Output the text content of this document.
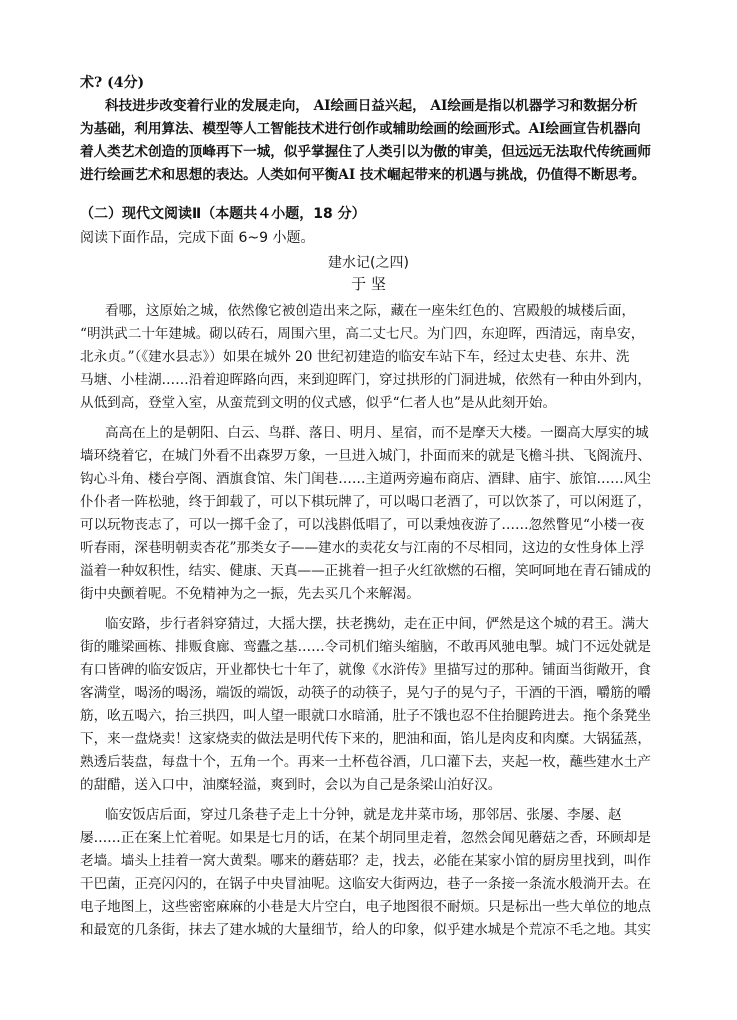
术? (4分)
科技进步改变着行业的发展走向， AI绘画日益兴起， AI绘画是指以机器学习和数据分析
为基础，利用算法、模型等人工智能技术进行创作或辅助绘画的绘画形式。AI绘画宣告机器向
着人类艺术创造的顶峰再下一城，似乎掌握住了人类引以为傲的审美，但远远无法取代传统画师
进行绘画艺术和思想的表达。人类如何平衡AI 技术崛起带来的机遇与挑战，仍值得不断思考。
（二）现代文阅读Ⅱ（本题共４小题，18 分）
阅读下面作品，完成下面 6~9 小题。
建水记(之四)
于 坚
看哪，这原始之城，依然像它被创造出来之际，藏在一座朱红色的、宫殿般的城楼后面，
“明洪武二十年建城。砌以砖石，周围六里，高二丈七尺。为门四，东迎晖，西清远，南阜安，
北永贞。”（《建水县志》）如果在城外 20 世纪初建造的临安车站下车，经过太史巷、东井、洗
马塘、小桂湖……沿着迎晖路向西，来到迎晖门，穿过拱形的门洞进城，依然有一种由外到内，
从低到高，登堂入室，从蛮荒到文明的仪式感，似乎“仁者人也”是从此刻开始。
高高在上的是朝阳、白云、鸟群、落日、明月、星宿，而不是摩天大楼。一圈高大厚实的城
墙环绕着它，在城门外看不出森罗万象，一旦进入城门，扑面而来的就是飞檐斗拱、飞阁流丹、
钩心斗角、楼台亭阁、酒旗食馆、朱门闺巷……主道两旁遍布商店、酒肆、庙宇、旅馆……风尘
仆仆者一阵松驰，终于卸载了，可以下棋玩牌了，可以喝口老酒了，可以饮茶了，可以闲逛了，
可以玩物丧志了，可以一掷千金了，可以浅斟低唱了，可以秉烛夜游了……忽然瞥见“小楼一夜
听春雨，深巷明朝卖杏花”那类女子——建水的卖花女与江南的不尽相同，这边的女性身体上浮
溢着一种奴积性，结实、健康、天真——正挑着一担子火红欲燃的石榴，笑呵呵地在青石铺成的
街中央颤着呢。不免精神为之一振，先去买几个来解渴。
临安路，步行者斜穿猜过，大摇大摆，扶老携幼，走在正中间，俨然是这个城的君王。满大
街的雕梁画栋、排贩食廊、鸾蠹之基……令司机们缩头缩脑，不敢再风驰电掣。城门不远处就是
有口皆碑的临安饭店，开业都快七十年了，就像《水浒传》里描写过的那种。铺面当街敞开，食
客满堂，喝汤的喝汤，端饭的端饭，动筷子的动筷子，晃勺子的晃勺子，干酒的干酒，嚼筋的嚼
筋，吆五喝六，抬三拱四，叫人望一眼就口水暗涌，肚子不饿也忍不住抬腿跨进去。拖个条凳坐
下，来一盘烧卖！这家烧卖的做法是明代传下来的，肥油和面，馅儿是肉皮和肉糜。大锅猛蒸，
熟透后装盘，每盘十个，五角一个。再来一土杯苞谷酒，几口灌下去，夹起一枚，蘸些建水土产
的甜醋，送入口中，油糜轻溢，爽到时，会以为自己是条梁山泊好汉。
临安饭店后面，穿过几条巷子走上十分钟，就是龙井菜市场，那邻居、张屡、李屡、赵
屡……正在案上忙着呢。如果是七月的话，在某个胡同里走着，忽然会闻见蘑菇之香，环顾却是
老墙。墙头上挂着一窝大黄梨。哪来的蘑菇耶？走，找去，必能在某家小馆的厨房里找到，叫作
干巴菌，正亮闪闪的，在锅子中央冒油呢。这临安大街两边，巷子一条接一条流水般淌开去。在
电子地图上，这些密密麻麻的小巷是大片空白，电子地图很不耐烦。只是标出一些大单位的地点
和最宽的几条街，抹去了建水城的大量细节，给人的印象，似乎建水城是个荒凉不毛之地。其实
